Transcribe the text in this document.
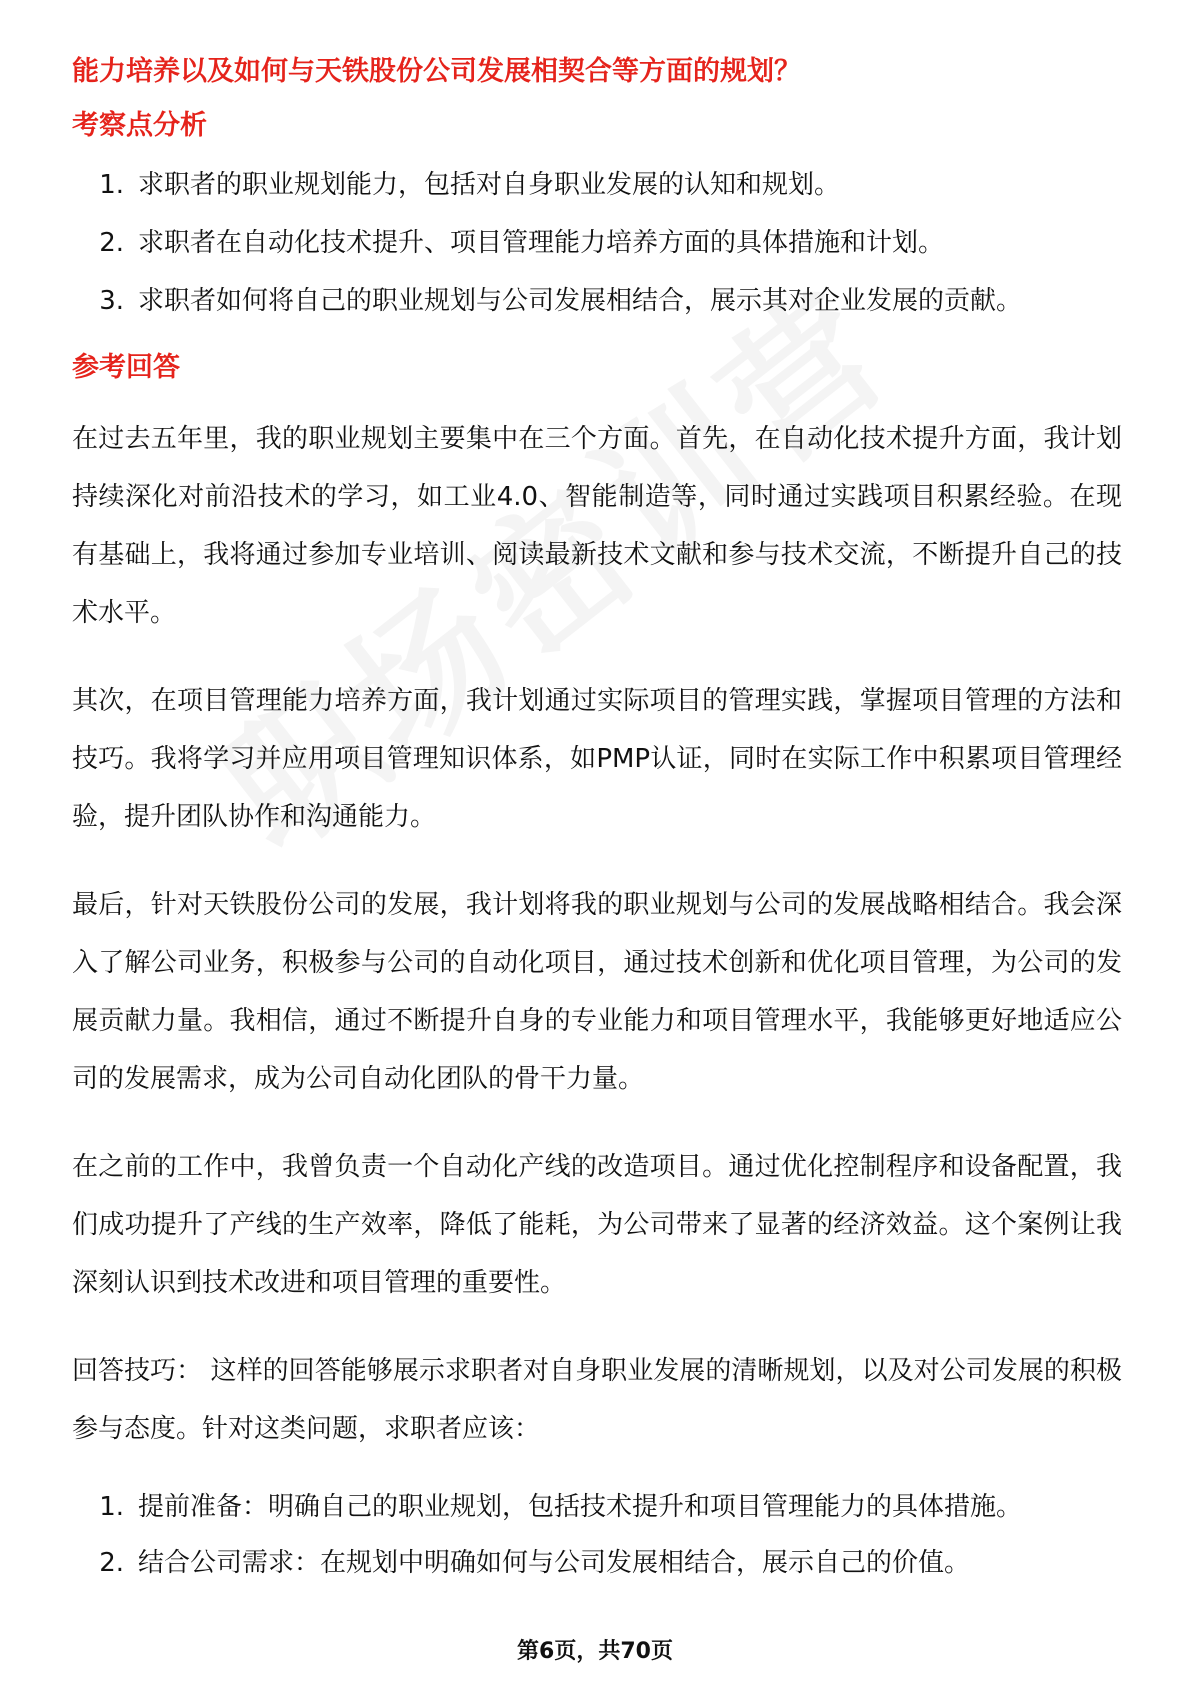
能力培养以及如何与天铁股份公司发展相契合等方面的规划？
考察点分析
1. 求职者的职业规划能力，包括对自身职业发展的认知和规划。
2. 求职者在自动化技术提升、项目管理能力培养方面的具体措施和计划。
3. 求职者如何将自己的职业规划与公司发展相结合，展示其对企业发展的贡献。
参考回答

在过去五年里，我的职业规划主要集中在三个方面。首先，在自动化技术提升方面，我计划持续深化对前沿技术的学习，如工业4.0、智能制造等，同时通过实践项目积累经验。在现有基础上，我将通过参加专业培训、阅读最新技术文献和参与技术交流，不断提升自己的技术水平。

其次，在项目管理能力培养方面，我计划通过实际项目的管理实践，掌握项目管理的方法和技巧。我将学习并应用项目管理知识体系，如PMP认证，同时在实际工作中积累项目管理经验，提升团队协作和沟通能力。

最后，针对天铁股份公司的发展，我计划将我的职业规划与公司的发展战略相结合。我会深入了解公司业务，积极参与公司的自动化项目，通过技术创新和优化项目管理，为公司的发展贡献力量。我相信，通过不断提升自身的专业能力和项目管理水平，我能够更好地适应公司的发展需求，成为公司自动化团队的骨干力量。

在之前的工作中，我曾负责一个自动化产线的改造项目。通过优化控制程序和设备配置，我们成功提升了产线的生产效率，降低了能耗，为公司带来了显著的经济效益。这个案例让我深刻认识到技术改进和项目管理的重要性。

回答技巧： 这样的回答能够展示求职者对自身职业发展的清晰规划，以及对公司发展的积极参与态度。针对这类问题，求职者应该：

1. 提前准备：明确自己的职业规划，包括技术提升和项目管理能力的具体措施。
2. 结合公司需求：在规划中明确如何与公司发展相结合，展示自己的价值。
第6页，共70页
